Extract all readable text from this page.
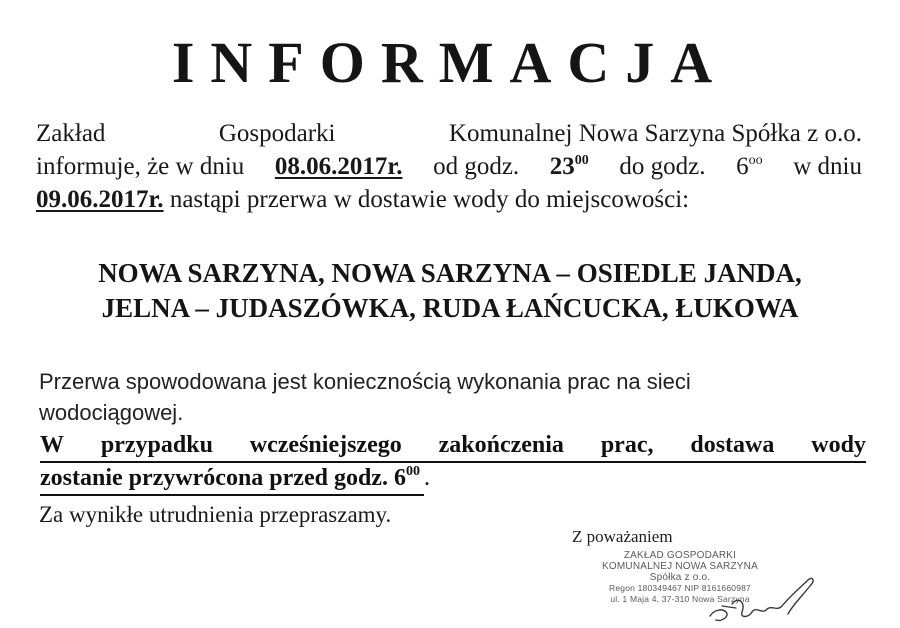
INFORMACJA
Zakład	Gospodarki	Komunalnej Nowa Sarzyna Spółka z o.o.
informuje, że w dniu 08.06.2017r. od godz. $23^{00}$ do godz. $6^{oo}$ w dniu
09.06.2017r. nastąpi przerwa w dostawie wody do miejscowości:
NOWA SARZYNA, NOWA SARZYNA – OSIEDLE JANDA,
JELNA – JUDASZÓWKA, RUDA ŁAŃCUCKA, ŁUKOWA
Przerwa spowodowana jest koniecznością wykonania prac na sieci
wodociągowej.
W przypadku wcześniejszego zakończenia prac, dostawa wody
zostanie przywrócona przed godz. $6^{00}$ .
Za wynikłe utrudnienia przepraszamy.
Z poważaniem
ZAKŁAD GOSPODARKI
KOMUNALNEJ NOWA SARZYNA
Spółka z o.o.
Regon 180349467 NIP 8161660987
ul. 1 Maja 4, 37-310 Nowa Sarzyna
